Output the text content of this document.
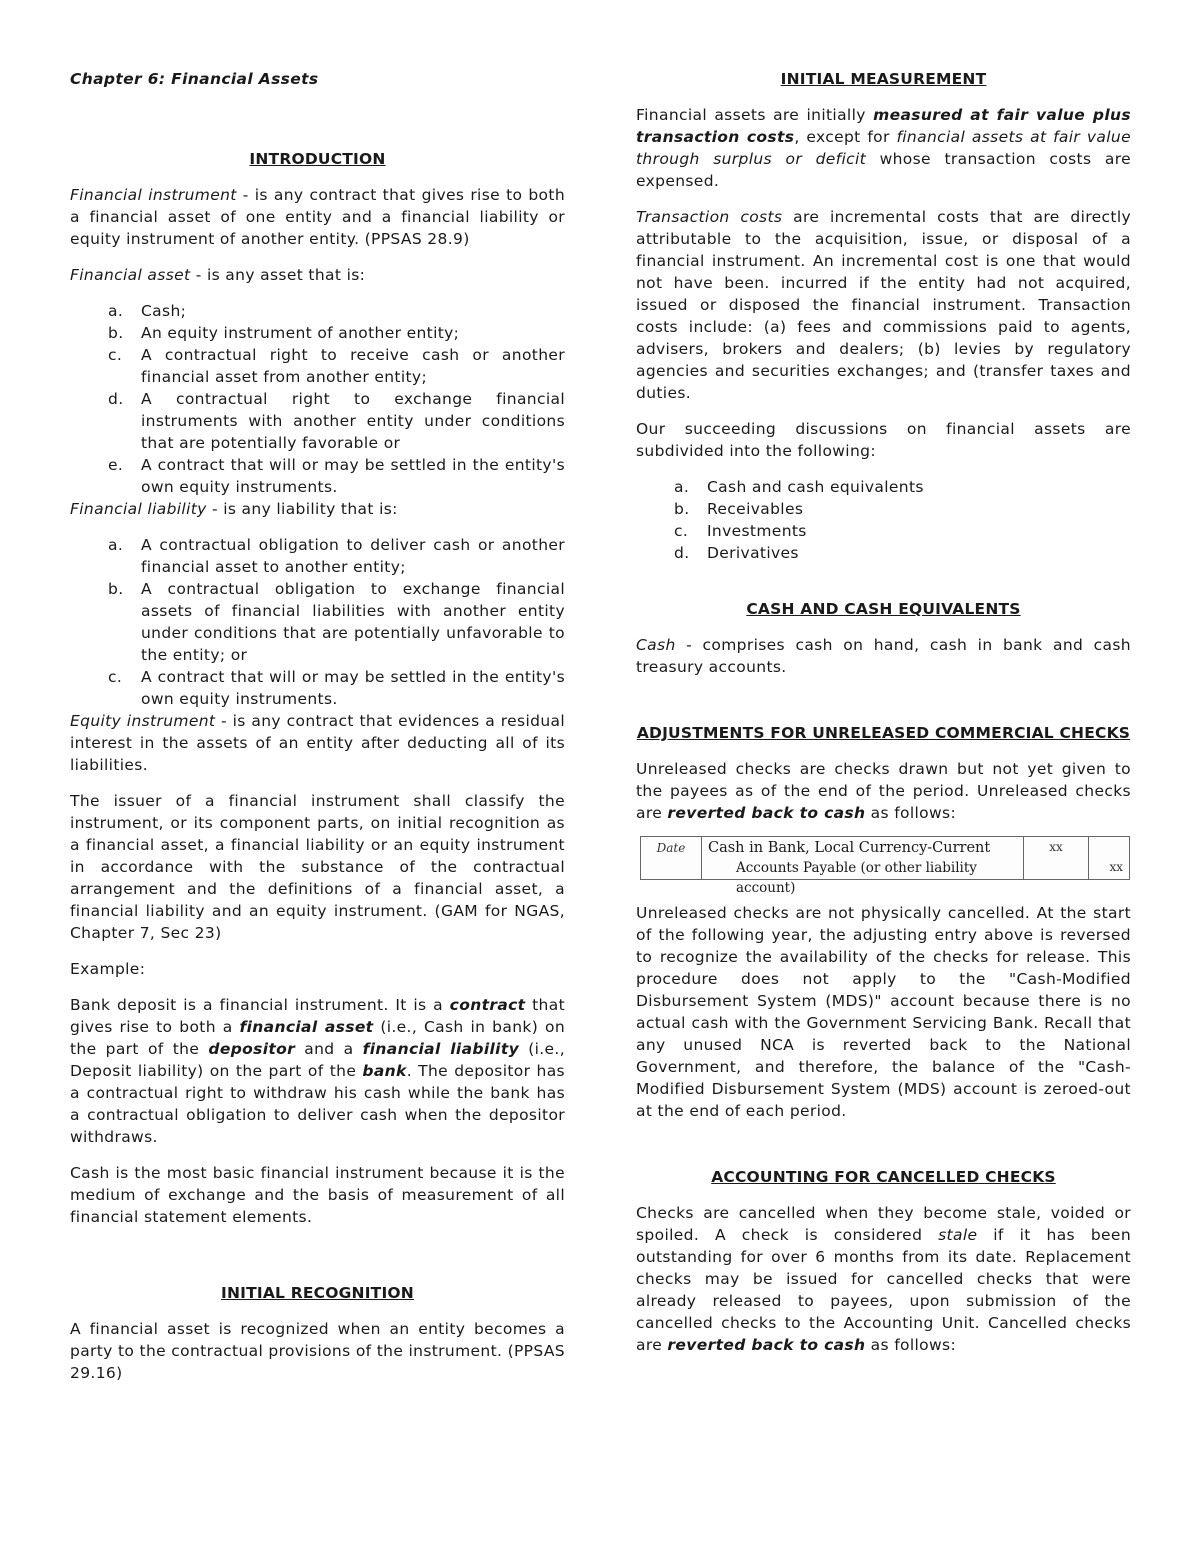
Chapter 6: Financial Assets

INTRODUCTION

Financial instrument - is any contract that gives rise to both a financial asset of one entity and a financial liability or equity instrument of another entity. (PPSAS 28.9)

Financial asset - is any asset that is:

a. Cash;
b. An equity instrument of another entity;
c. A contractual right to receive cash or another financial asset from another entity;
d. A contractual right to exchange financial instruments with another entity under conditions that are potentially favorable or
e. A contract that will or may be settled in the entity's own equity instruments.

Financial liability - is any liability that is:

a. A contractual obligation to deliver cash or another financial asset to another entity;
b. A contractual obligation to exchange financial assets of financial liabilities with another entity under conditions that are potentially unfavorable to the entity; or
c. A contract that will or may be settled in the entity's own equity instruments.

Equity instrument - is any contract that evidences a residual interest in the assets of an entity after deducting all of its liabilities.

The issuer of a financial instrument shall classify the instrument, or its component parts, on initial recognition as a financial asset, a financial liability or an equity instrument in accordance with the substance of the contractual arrangement and the definitions of a financial asset, a financial liability and an equity instrument. (GAM for NGAS, Chapter 7, Sec 23)

Example:

Bank deposit is a financial instrument. It is a contract that gives rise to both a financial asset (i.e., Cash in bank) on the part of the depositor and a financial liability (i.e., Deposit liability) on the part of the bank. The depositor has a contractual right to withdraw his cash while the bank has a contractual obligation to deliver cash when the depositor withdraws.

Cash is the most basic financial instrument because it is the medium of exchange and the basis of measurement of all financial statement elements.

INITIAL RECOGNITION

A financial asset is recognized when an entity becomes a party to the contractual provisions of the instrument. (PPSAS 29.16)

INITIAL MEASUREMENT

Financial assets are initially measured at fair value plus transaction costs, except for financial assets at fair value through surplus or deficit whose transaction costs are expensed.

Transaction costs are incremental costs that are directly attributable to the acquisition, issue, or disposal of a financial instrument. An incremental cost is one that would not have been. incurred if the entity had not acquired, issued or disposed the financial instrument. Transaction costs include: (a) fees and commissions paid to agents, advisers, brokers and dealers; (b) levies by regulatory agencies and securities exchanges; and (transfer taxes and duties.

Our succeeding discussions on financial assets are subdivided into the following:

a. Cash and cash equivalents
b. Receivables
c. Investments
d. Derivatives
CASH AND CASH EQUIVALENTS

Cash - comprises cash on hand, cash in bank and cash treasury accounts.

ADJUSTMENTS FOR UNRELEASED COMMERCIAL CHECKS

Unreleased checks are checks drawn but not yet given to the payees as of the end of the period. Unreleased checks are reverted back to cash as follows:

Date	Cash in Bank, Local Currency-Current
Accounts Payable (or other liability account)
xx
xx

Unreleased checks are not physically cancelled. At the start of the following year, the adjusting entry above is reversed to recognize the availability of the checks for release. This procedure does not apply to the "Cash-Modified Disbursement System (MDS)" account because there is no actual cash with the Government Servicing Bank. Recall that any unused NCA is reverted back to the National Government, and therefore, the balance of the "Cash-Modified Disbursement System (MDS) account is zeroed-out at the end of each period.

ACCOUNTING FOR CANCELLED CHECKS

Checks are cancelled when they become stale, voided or spoiled. A check is considered stale if it has been outstanding for over 6 months from its date. Replacement checks may be issued for cancelled checks that were already released to payees, upon submission of the cancelled checks to the Accounting Unit. Cancelled checks are reverted back to cash as follows:
